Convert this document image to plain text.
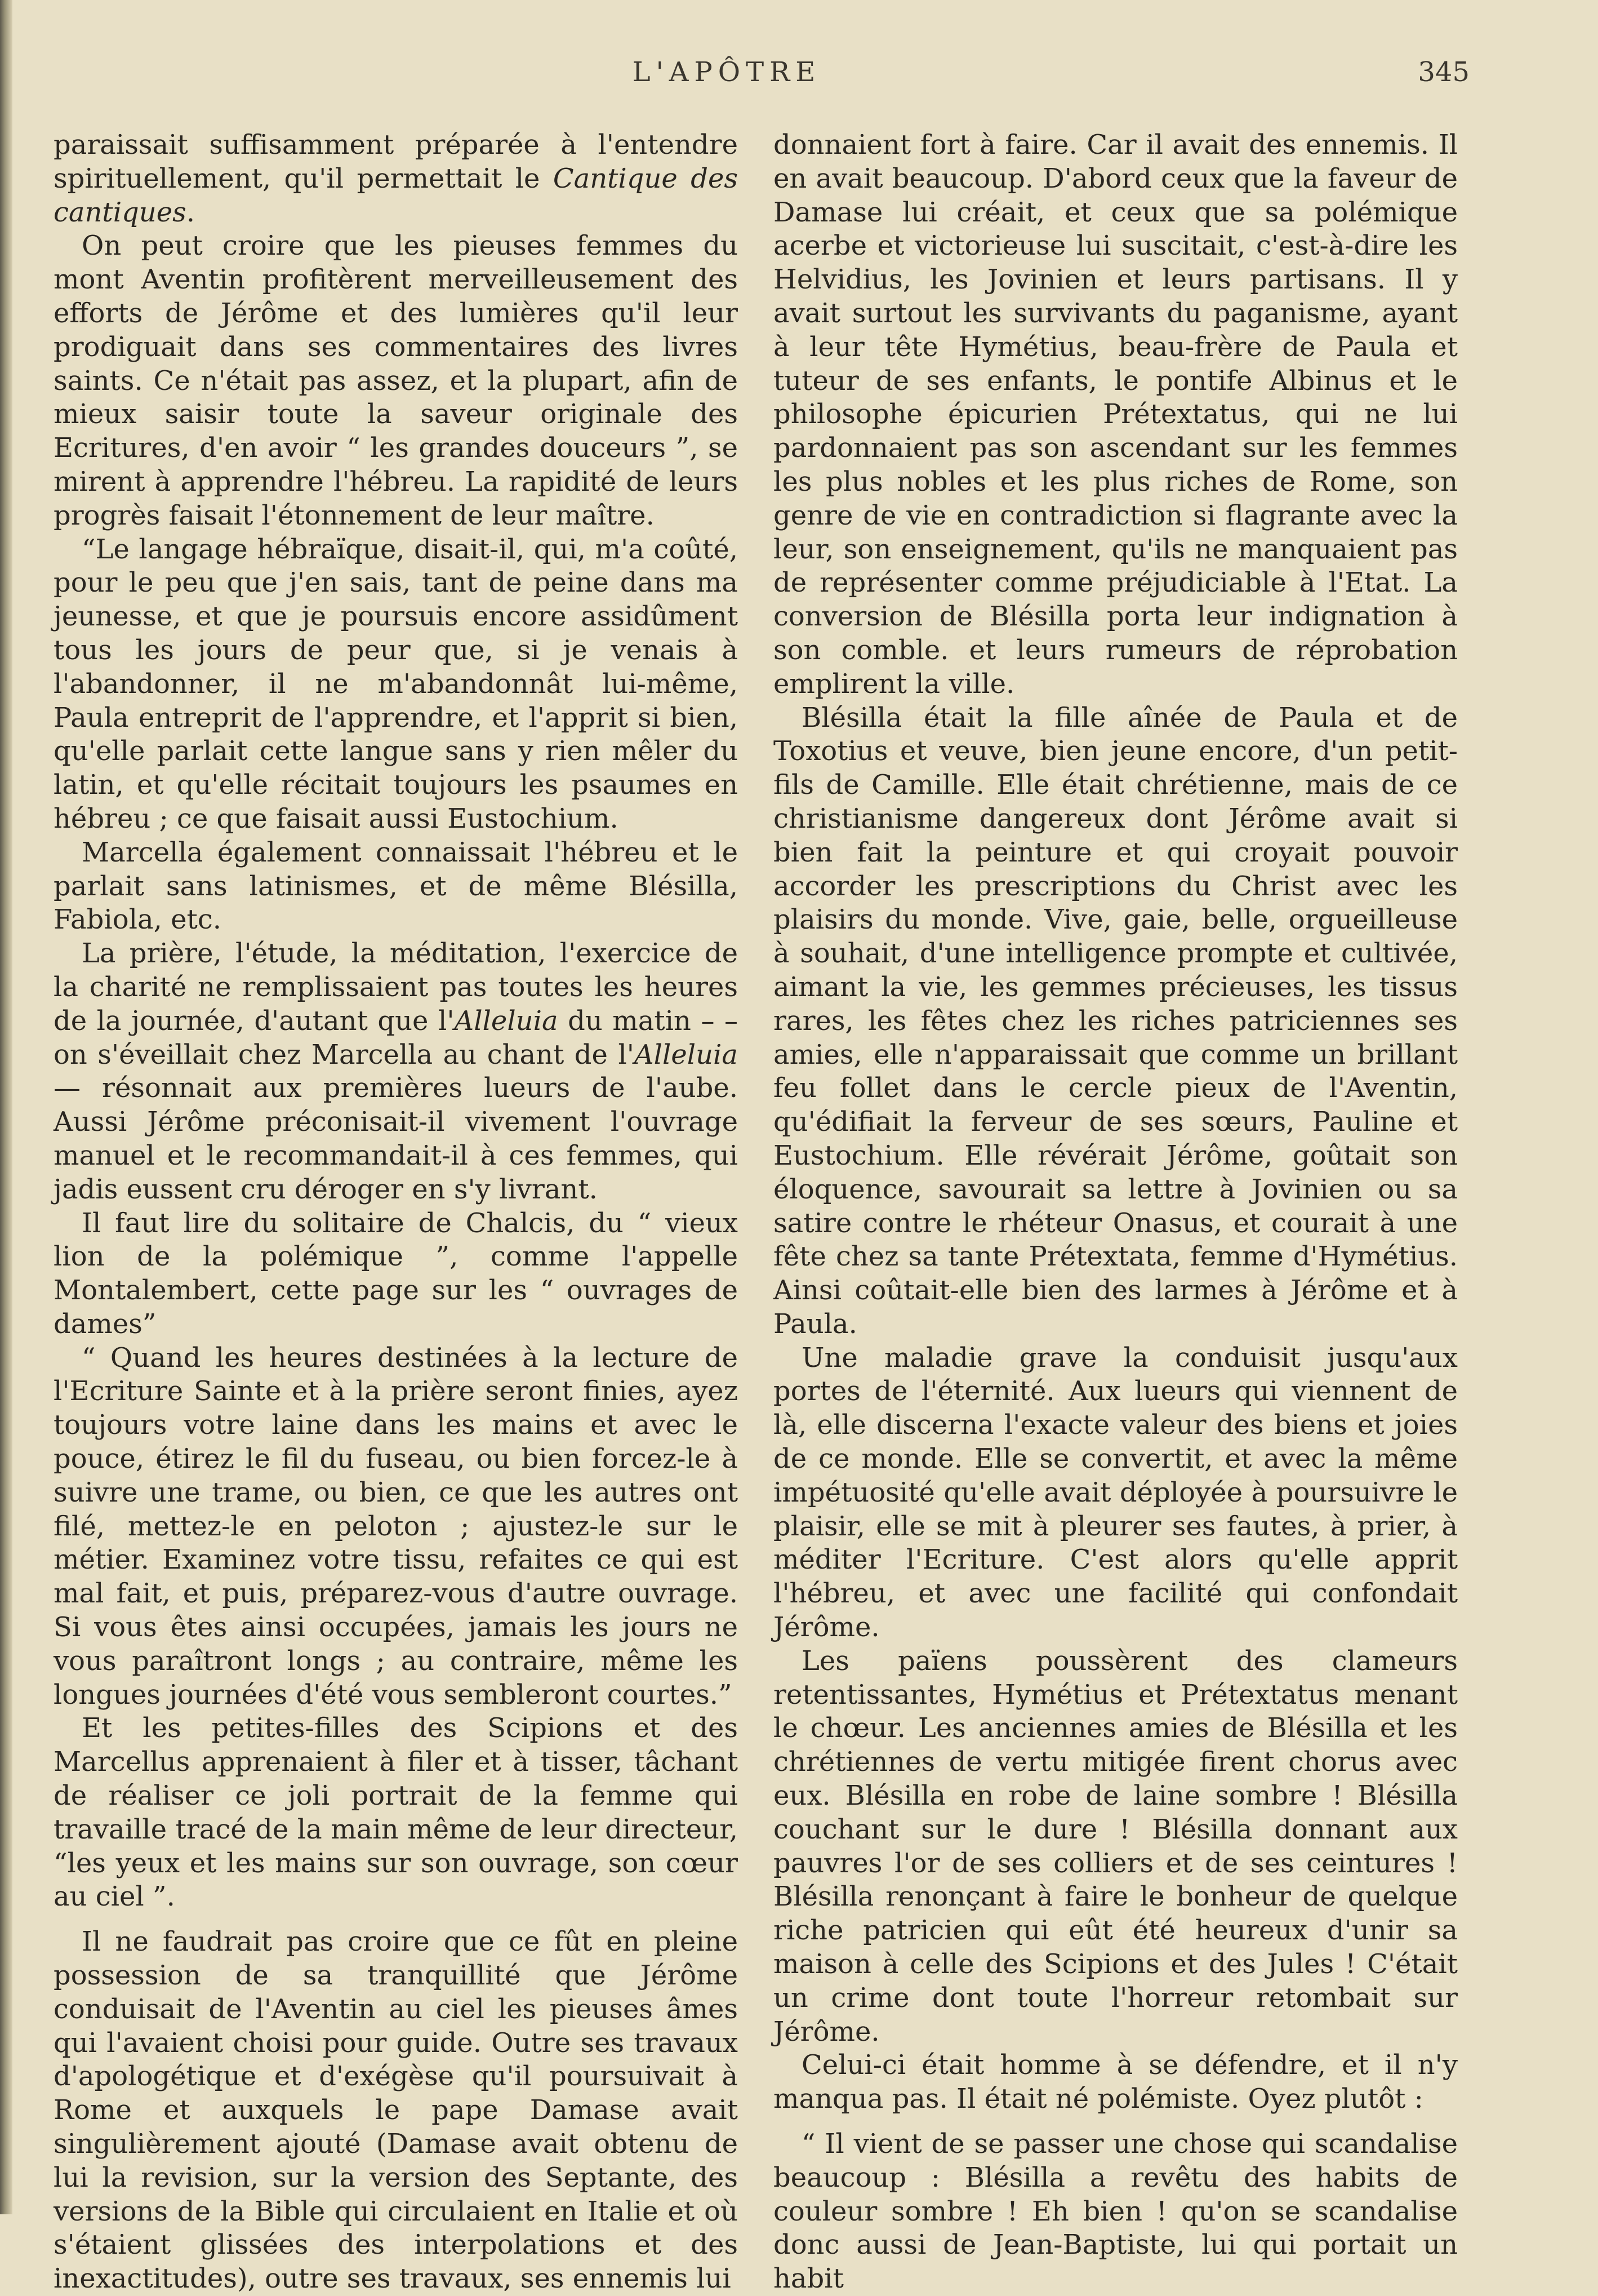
L'APÔTRE	345

paraissait suffisamment préparée à l'entendre spirituellement, qu'il permettait le Cantique des cantiques.

On peut croire que les pieuses femmes du mont Aventin profitèrent merveilleusement des efforts de Jérôme et des lumières qu'il leur prodiguait dans ses commentaires des livres saints. Ce n'était pas assez, et la plupart, afin de mieux saisir toute la saveur originale des Ecritures, d'en avoir “ les grandes douceurs ”, se mirent à apprendre l'hébreu. La rapidité de leurs progrès faisait l'étonnement de leur maître.

“Le langage hébraïque, disait-il, qui, m'a coûté, pour le peu que j'en sais, tant de peine dans ma jeunesse, et que je poursuis encore assidûment tous les jours de peur que, si je venais à l'abandonner, il ne m'abandonnât lui-même, Paula entreprit de l'apprendre, et l'apprit si bien, qu'elle parlait cette langue sans y rien mêler du latin, et qu'elle récitait toujours les psaumes en hébreu ; ce que faisait aussi Eustochium.

Marcella également connaissait l'hébreu et le parlait sans latinismes, et de même Blésilla, Fabiola, etc.

La prière, l'étude, la méditation, l'exercice de la charité ne remplissaient pas toutes les heures de la journée, d'autant que l'Alleluia du matin – – on s'éveillait chez Marcella au chant de l'Alleluia — résonnait aux premières lueurs de l'aube. Aussi Jérôme préconisait-il vivement l'ouvrage manuel et le recommandait-il à ces femmes, qui jadis eussent cru déroger en s'y livrant.

Il faut lire du solitaire de Chalcis, du “ vieux lion de la polémique ”, comme l'appelle Montalembert, cette page sur les “ ouvrages de dames”

“ Quand les heures destinées à la lecture de l'Ecriture Sainte et à la prière seront finies, ayez toujours votre laine dans les mains et avec le pouce, étirez le fil du fuseau, ou bien forcez-le à suivre une trame, ou bien, ce que les autres ont filé, mettez-le en peloton ; ajustez-le sur le métier. Examinez votre tissu, refaites ce qui est mal fait, et puis, préparez-vous d'autre ouvrage. Si vous êtes ainsi occupées, jamais les jours ne vous paraîtront longs ; au contraire, même les longues journées d'été vous sembleront courtes.”

Et les petites-filles des Scipions et des Marcellus apprenaient à filer et à tisser, tâchant de réaliser ce joli portrait de la femme qui travaille tracé de la main même de leur directeur, “les yeux et les mains sur son ouvrage, son cœur au ciel ”.

Il ne faudrait pas croire que ce fût en pleine possession de sa tranquillité que Jérôme conduisait de l'Aventin au ciel les pieuses âmes qui l'avaient choisi pour guide. Outre ses travaux d'apologétique et d'exégèse qu'il poursuivait à Rome et auxquels le pape Damase avait singulièrement ajouté (Damase avait obtenu de lui la revision, sur la version des Septante, des versions de la Bible qui circulaient en Italie et où s'étaient glissées des interpolations et des inexactitudes), outre ses travaux, ses ennemis lui

donnaient fort à faire. Car il avait des ennemis. Il en avait beaucoup. D'abord ceux que la faveur de Damase lui créait, et ceux que sa polémique acerbe et victorieuse lui suscitait, c'est-à-dire les Helvidius, les Jovinien et leurs partisans. Il y avait surtout les survivants du paganisme, ayant à leur tête Hymétius, beau-frère de Paula et tuteur de ses enfants, le pontife Albinus et le philosophe épicurien Prétextatus, qui ne lui pardonnaient pas son ascendant sur les femmes les plus nobles et les plus riches de Rome, son genre de vie en contradiction si flagrante avec la leur, son enseignement, qu'ils ne manquaient pas de représenter comme préjudiciable à l'Etat. La conversion de Blésilla porta leur indignation à son comble. et leurs rumeurs de réprobation emplirent la ville.

Blésilla était la fille aînée de Paula et de Toxotius et veuve, bien jeune encore, d'un petit-fils de Camille. Elle était chrétienne, mais de ce christianisme dangereux dont Jérôme avait si bien fait la peinture et qui croyait pouvoir accorder les prescriptions du Christ avec les plaisirs du monde. Vive, gaie, belle, orgueilleuse à souhait, d'une intelligence prompte et cultivée, aimant la vie, les gemmes précieuses, les tissus rares, les fêtes chez les riches patriciennes ses amies, elle n'apparaissait que comme un brillant feu follet dans le cercle pieux de l'Aventin, qu'édifiait la ferveur de ses sœurs, Pauline et Eustochium. Elle révérait Jérôme, goûtait son éloquence, savourait sa lettre à Jovinien ou sa satire contre le rhéteur Onasus, et courait à une fête chez sa tante Prétextata, femme d'Hymétius. Ainsi coûtait-elle bien des larmes à Jérôme et à Paula.

Une maladie grave la conduisit jusqu'aux portes de l'éternité. Aux lueurs qui viennent de là, elle discerna l'exacte valeur des biens et joies de ce monde. Elle se convertit, et avec la même impétuosité qu'elle avait déployée à poursuivre le plaisir, elle se mit à pleurer ses fautes, à prier, à méditer l'Ecriture. C'est alors qu'elle apprit l'hébreu, et avec une facilité qui confondait Jérôme.

Les païens poussèrent des clameurs retentissantes, Hymétius et Prétextatus menant le chœur. Les anciennes amies de Blésilla et les chrétiennes de vertu mitigée firent chorus avec eux. Blésilla en robe de laine sombre ! Blésilla couchant sur le dure ! Blésilla donnant aux pauvres l'or de ses colliers et de ses ceintures ! Blésilla renonçant à faire le bonheur de quelque riche patricien qui eût été heureux d'unir sa maison à celle des Scipions et des Jules ! C'était un crime dont toute l'horreur retombait sur Jérôme.

Celui-ci était homme à se défendre, et il n'y manqua pas. Il était né polémiste. Oyez plutôt :

“ Il vient de se passer une chose qui scandalise beaucoup : Blésilla a revêtu des habits de couleur sombre ! Eh bien ! qu'on se scandalise donc aussi de Jean-Baptiste, lui qui portait un habit
